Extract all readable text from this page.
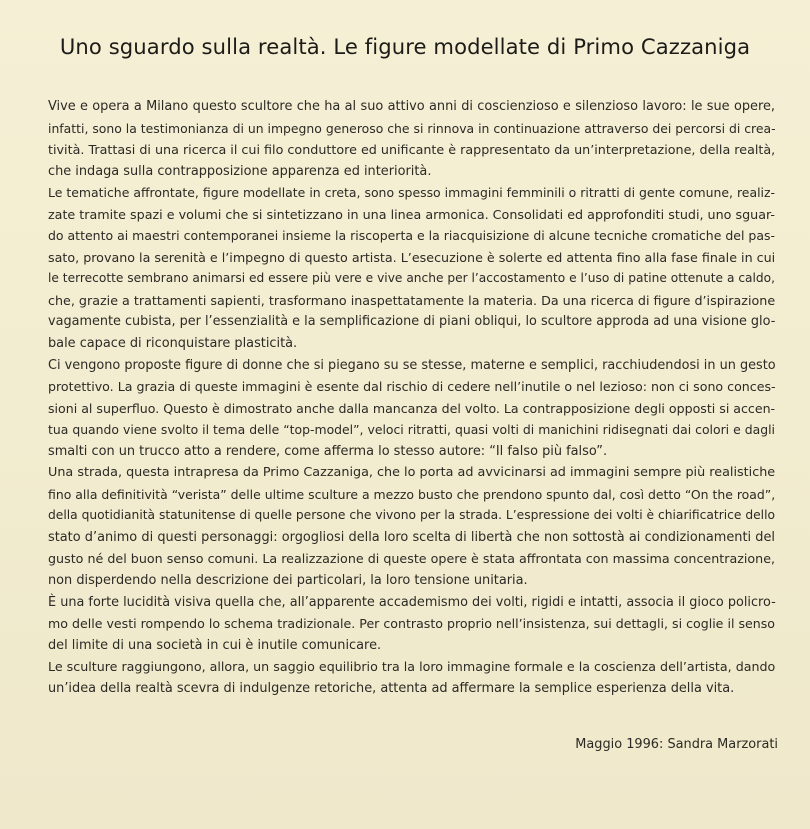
Uno sguardo sulla realtà. Le figure modellate di Primo Cazzaniga
Vive e opera a Milano questo scultore che ha al suo attivo anni di coscienzioso e silenzioso lavoro: le sue opere,
infatti, sono la testimonianza di un impegno generoso che si rinnova in continuazione attraverso dei percorsi di crea-
tività. Trattasi di una ricerca il cui filo conduttore ed unificante è rappresentato da un’interpretazione, della realtà,
che indaga sulla contrapposizione apparenza ed interiorità.
Le tematiche affrontate, figure modellate in creta, sono spesso immagini femminili o ritratti di gente comune, realiz-
zate tramite spazi e volumi che si sintetizzano in una linea armonica. Consolidati ed approfonditi studi, uno sguar-
do attento ai maestri contemporanei insieme la riscoperta e la riacquisizione di alcune tecniche cromatiche del pas-
sato, provano la serenità e l’impegno di questo artista. L’esecuzione è solerte ed attenta fino alla fase finale in cui
le terrecotte sembrano animarsi ed essere più vere e vive anche per l’accostamento e l’uso di patine ottenute a caldo,
che, grazie a trattamenti sapienti, trasformano inaspettatamente la materia. Da una ricerca di figure d’ispirazione
vagamente cubista, per l’essenzialità e la semplificazione di piani obliqui, lo scultore approda ad una visione glo-
bale capace di riconquistare plasticità.
Ci vengono proposte figure di donne che si piegano su se stesse, materne e semplici, racchiudendosi in un gesto
protettivo. La grazia di queste immagini è esente dal rischio di cedere nell’inutile o nel lezioso: non ci sono conces-
sioni al superfluo. Questo è dimostrato anche dalla mancanza del volto. La contrapposizione degli opposti si accen-
tua quando viene svolto il tema delle “top-model”, veloci ritratti, quasi volti di manichini ridisegnati dai colori e dagli
smalti con un trucco atto a rendere, come afferma lo stesso autore: “Il falso più falso”.
Una strada, questa intrapresa da Primo Cazzaniga, che lo porta ad avvicinarsi ad immagini sempre più realistiche
fino alla definitività “verista” delle ultime sculture a mezzo busto che prendono spunto dal, così detto “On the road”,
della quotidianità statunitense di quelle persone che vivono per la strada. L’espressione dei volti è chiarificatrice dello
stato d’animo di questi personaggi: orgogliosi della loro scelta di libertà che non sottostà ai condizionamenti del
gusto né del buon senso comuni. La realizzazione di queste opere è stata affrontata con massima concentrazione,
non disperdendo nella descrizione dei particolari, la loro tensione unitaria.
È una forte lucidità visiva quella che, all’apparente accademismo dei volti, rigidi e intatti, associa il gioco policro-
mo delle vesti rompendo lo schema tradizionale. Per contrasto proprio nell’insistenza, sui dettagli, si coglie il senso
del limite di una società in cui è inutile comunicare.
Le sculture raggiungono, allora, un saggio equilibrio tra la loro immagine formale e la coscienza dell’artista, dando
un’idea della realtà scevra di indulgenze retoriche, attenta ad affermare la semplice esperienza della vita.
Maggio 1996: Sandra Marzorati
